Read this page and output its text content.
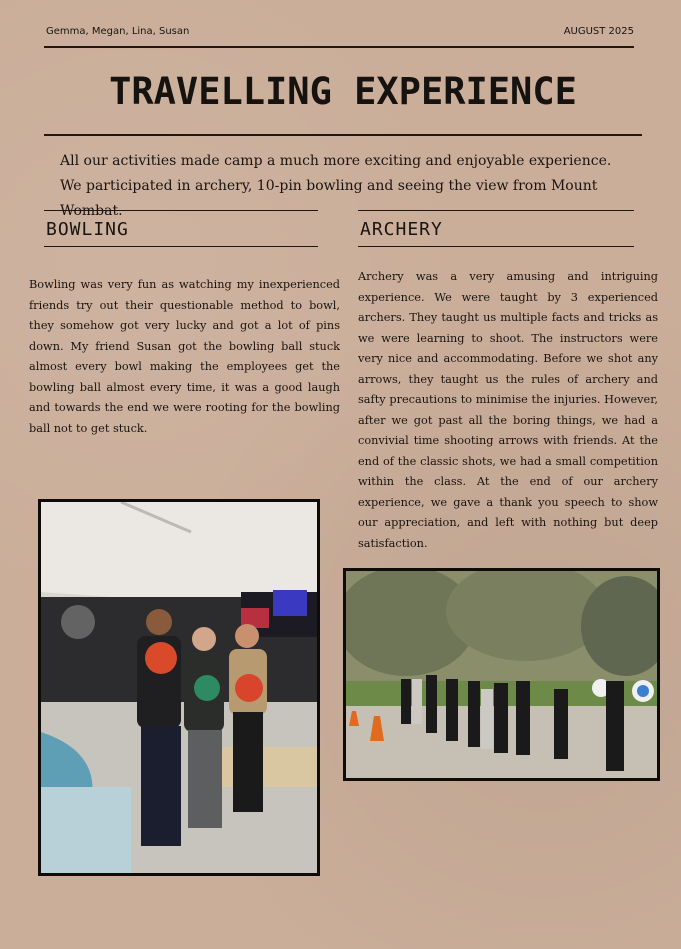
Gemma, Megan, Lina, Susan	AUGUST 2025
TRAVELLING EXPERIENCE
All our activities made camp a much more exciting and enjoyable experience. We participated in archery, 10-pin bowling and seeing the view from Mount Wombat.
BOWLING
Bowling was very fun as watching my inexperienced friends try out their questionable method to bowl, they somehow got very lucky and got a lot of pins down. My friend Susan got the bowling ball stuck almost every bowl making the employees get the bowling ball almost every time, it was a good laugh and towards the end we were rooting for the bowling ball not to get stuck.
ARCHERY
Archery was a very amusing and intriguing experience. We were taught by 3 experienced archers. They taught us multiple facts and tricks as we were learning to shoot. The instructors were very nice and accommodating. Before we shot any arrows, they taught us the rules of archery and safty precautions to minimise the injuries. However, after we got past all the boring things, we had a convivial time shooting arrows with friends. At the end of the classic shots, we had a small competition within the class. At the end of our archery experience, we gave a thank you speech to show our appreciation, and left with nothing but deep satisfaction.
